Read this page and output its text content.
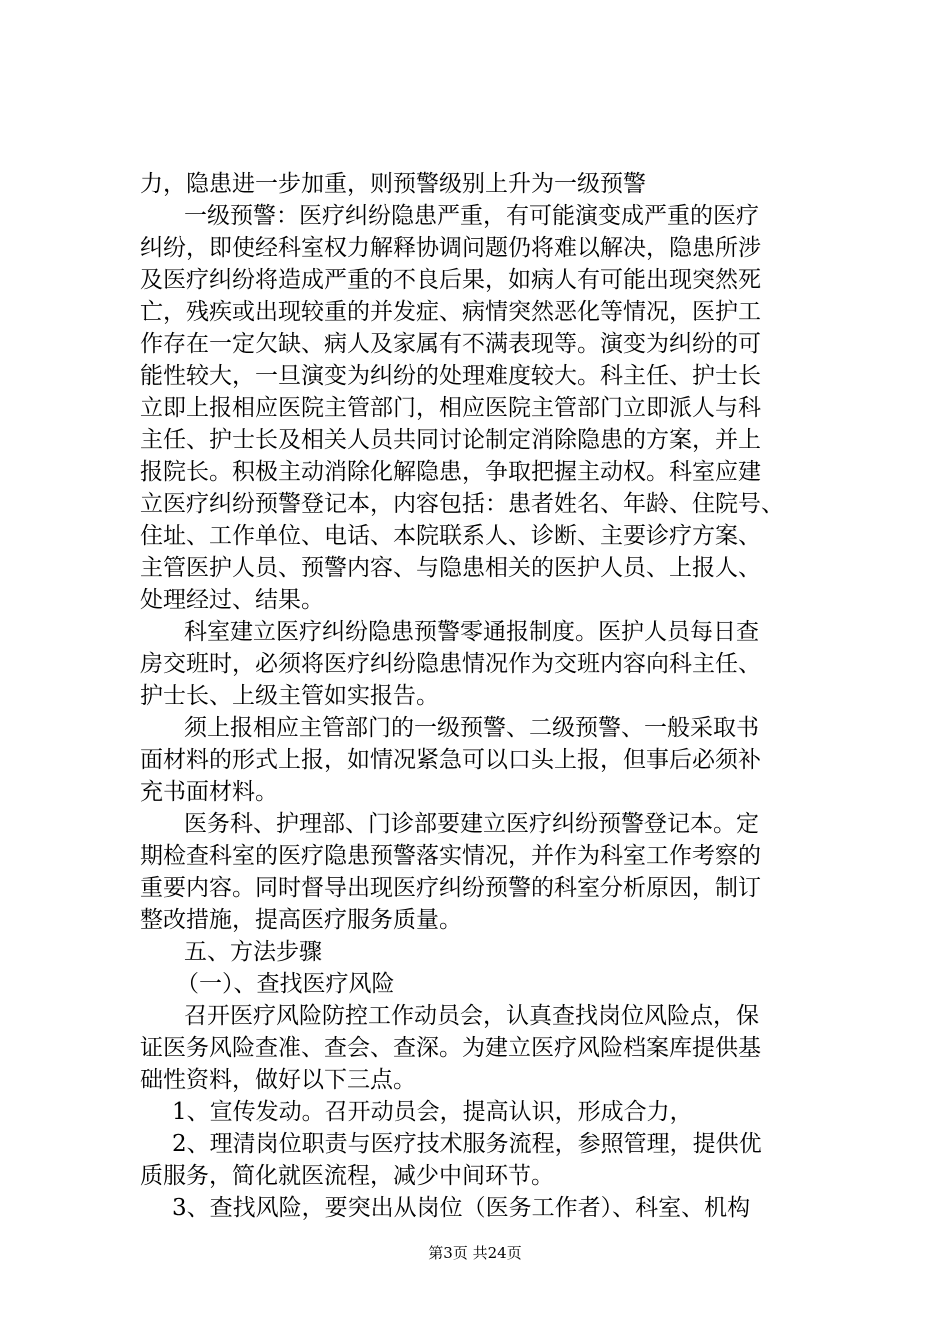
力，隐患进一步加重，则预警级别上升为一级预警
一级预警：医疗纠纷隐患严重，有可能演变成严重的医疗
纠纷，即使经科室权力解释协调问题仍将难以解决，隐患所涉
及医疗纠纷将造成严重的不良后果，如病人有可能出现突然死
亡，残疾或出现较重的并发症、病情突然恶化等情况，医护工
作存在一定欠缺、病人及家属有不满表现等。演变为纠纷的可
能性较大，一旦演变为纠纷的处理难度较大。科主任、护士长
立即上报相应医院主管部门，相应医院主管部门立即派人与科
主任、护士长及相关人员共同讨论制定消除隐患的方案，并上
报院长。积极主动消除化解隐患，争取把握主动权。科室应建
立医疗纠纷预警登记本，内容包括：患者姓名、年龄、住院号、
住址、工作单位、电话、本院联系人、诊断、主要诊疗方案、
主管医护人员、预警内容、与隐患相关的医护人员、上报人、
处理经过、结果。
科室建立医疗纠纷隐患预警零通报制度。医护人员每日查
房交班时，必须将医疗纠纷隐患情况作为交班内容向科主任、
护士长、上级主管如实报告。
须上报相应主管部门的一级预警、二级预警、一般采取书
面材料的形式上报，如情况紧急可以口头上报，但事后必须补
充书面材料。
医务科、护理部、门诊部要建立医疗纠纷预警登记本。定
期检查科室的医疗隐患预警落实情况，并作为科室工作考察的
重要内容。同时督导出现医疗纠纷预警的科室分析原因，制订
整改措施，提高医疗服务质量。
五、方法步骤
（一）、查找医疗风险
召开医疗风险防控工作动员会，认真查找岗位风险点，保
证医务风险查准、查会、查深。为建立医疗风险档案库提供基
础性资料，做好以下三点。
1、宣传发动。召开动员会，提高认识，形成合力，
2、理清岗位职责与医疗技术服务流程，参照管理，提供优
质服务，简化就医流程，减少中间环节。
3、查找风险，要突出从岗位（医务工作者）、科室、机构
第3页 共24页
